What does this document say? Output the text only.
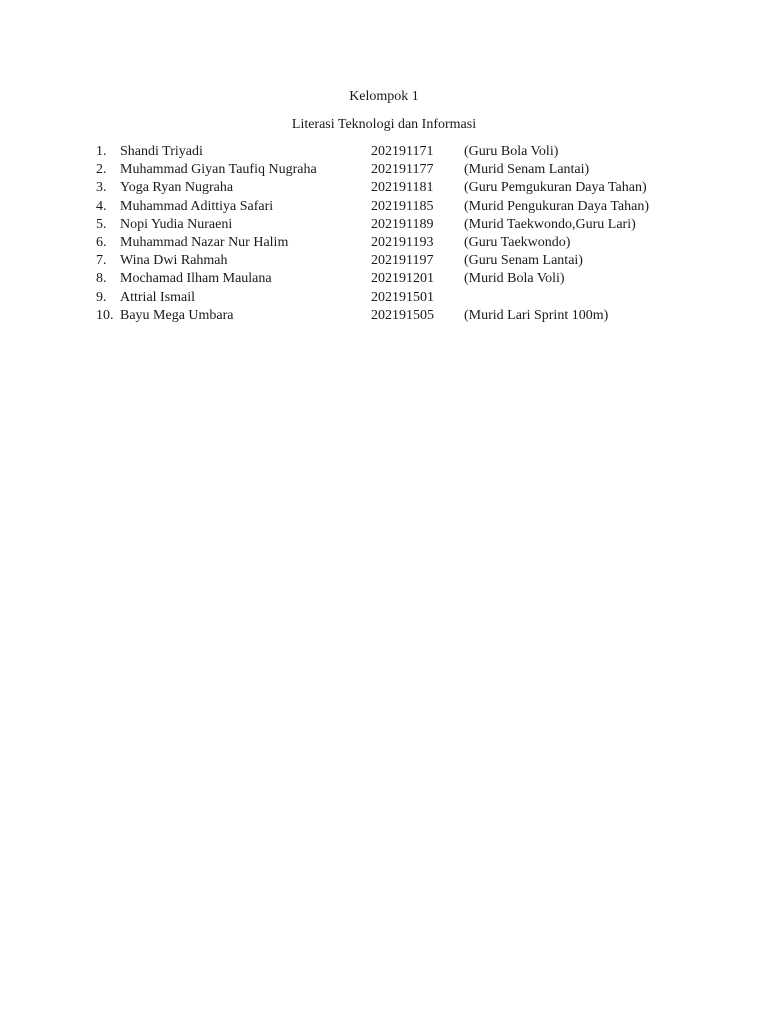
Kelompok 1
Literasi Teknologi dan Informasi
1. Shandi Triyadi	202191171 (Guru Bola Voli)
2. Muhammad Giyan Taufiq Nugraha	202191177 (Murid Senam Lantai)
3. Yoga Ryan Nugraha	202191181 (Guru Pemgukuran Daya Tahan)
4. Muhammad Adittiya Safari	202191185 (Murid Pengukuran Daya Tahan)
5. Nopi Yudia Nuraeni	202191189 (Murid Taekwondo,Guru Lari)
6. Muhammad Nazar Nur Halim	202191193 (Guru Taekwondo)
7. Wina Dwi Rahmah	202191197 (Guru Senam Lantai)
8. Mochamad Ilham Maulana	202191201 (Murid Bola Voli)
9. Attrial Ismail	202191501
10. Bayu Mega Umbara	202191505 (Murid Lari Sprint 100m)
